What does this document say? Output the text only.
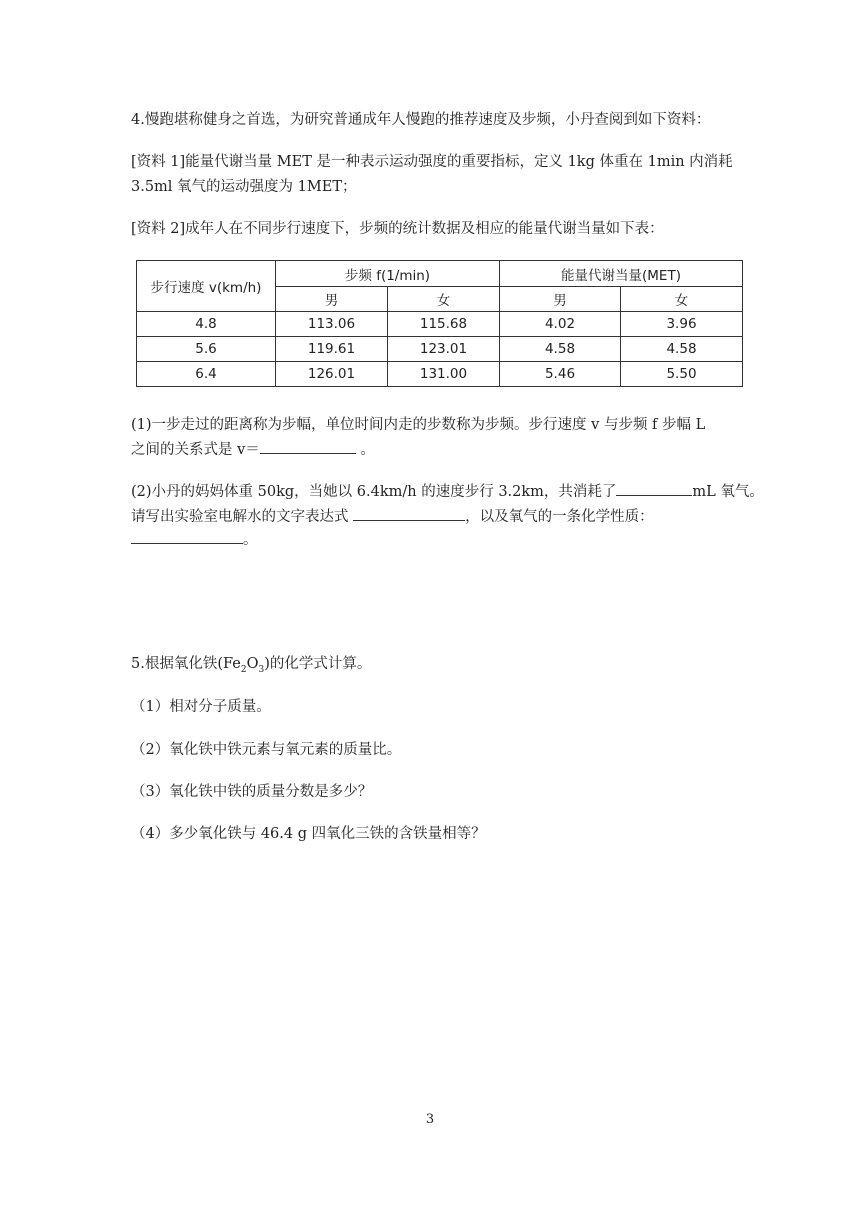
4.慢跑堪称健身之首选，为研究普通成年人慢跑的推荐速度及步频，小丹查阅到如下资料：
[资料 1]能量代谢当量 MET 是一种表示运动强度的重要指标，定义 1kg 体重在 1min 内消耗
3.5ml 氧气的运动强度为 1MET；
[资料 2]成年人在不同步行速度下，步频的统计数据及相应的能量代谢当量如下表：
步行速度 v(km/h)	步频 f(1/min)		能量代谢当量(MET)	
	男	女	男	女
4.8	113.06	115.68	4.02	3.96
5.6	119.61	123.01	4.58	4.58
6.4	126.01	131.00	5.46	5.50
(1)一步走过的距离称为步幅，单位时间内走的步数称为步频。步行速度 v 与步频 f 步幅 L
之间的关系式是 v＝	。
(2)小丹的妈妈体重 50kg，当她以 6.4km/h 的速度步行 3.2km，共消耗了	mL 氧气。
请写出实验室电解水的文字表达式	，以及氧气的一条化学性质：
。
5.根据氧化铁$(Fe_2O_3)$的化学式计算。
（1）相对分子质量。
（2）氧化铁中铁元素与氧元素的质量比。
（3）氧化铁中铁的质量分数是多少？
（4）多少氧化铁与 46.4 g 四氧化三铁的含铁量相等？
3
